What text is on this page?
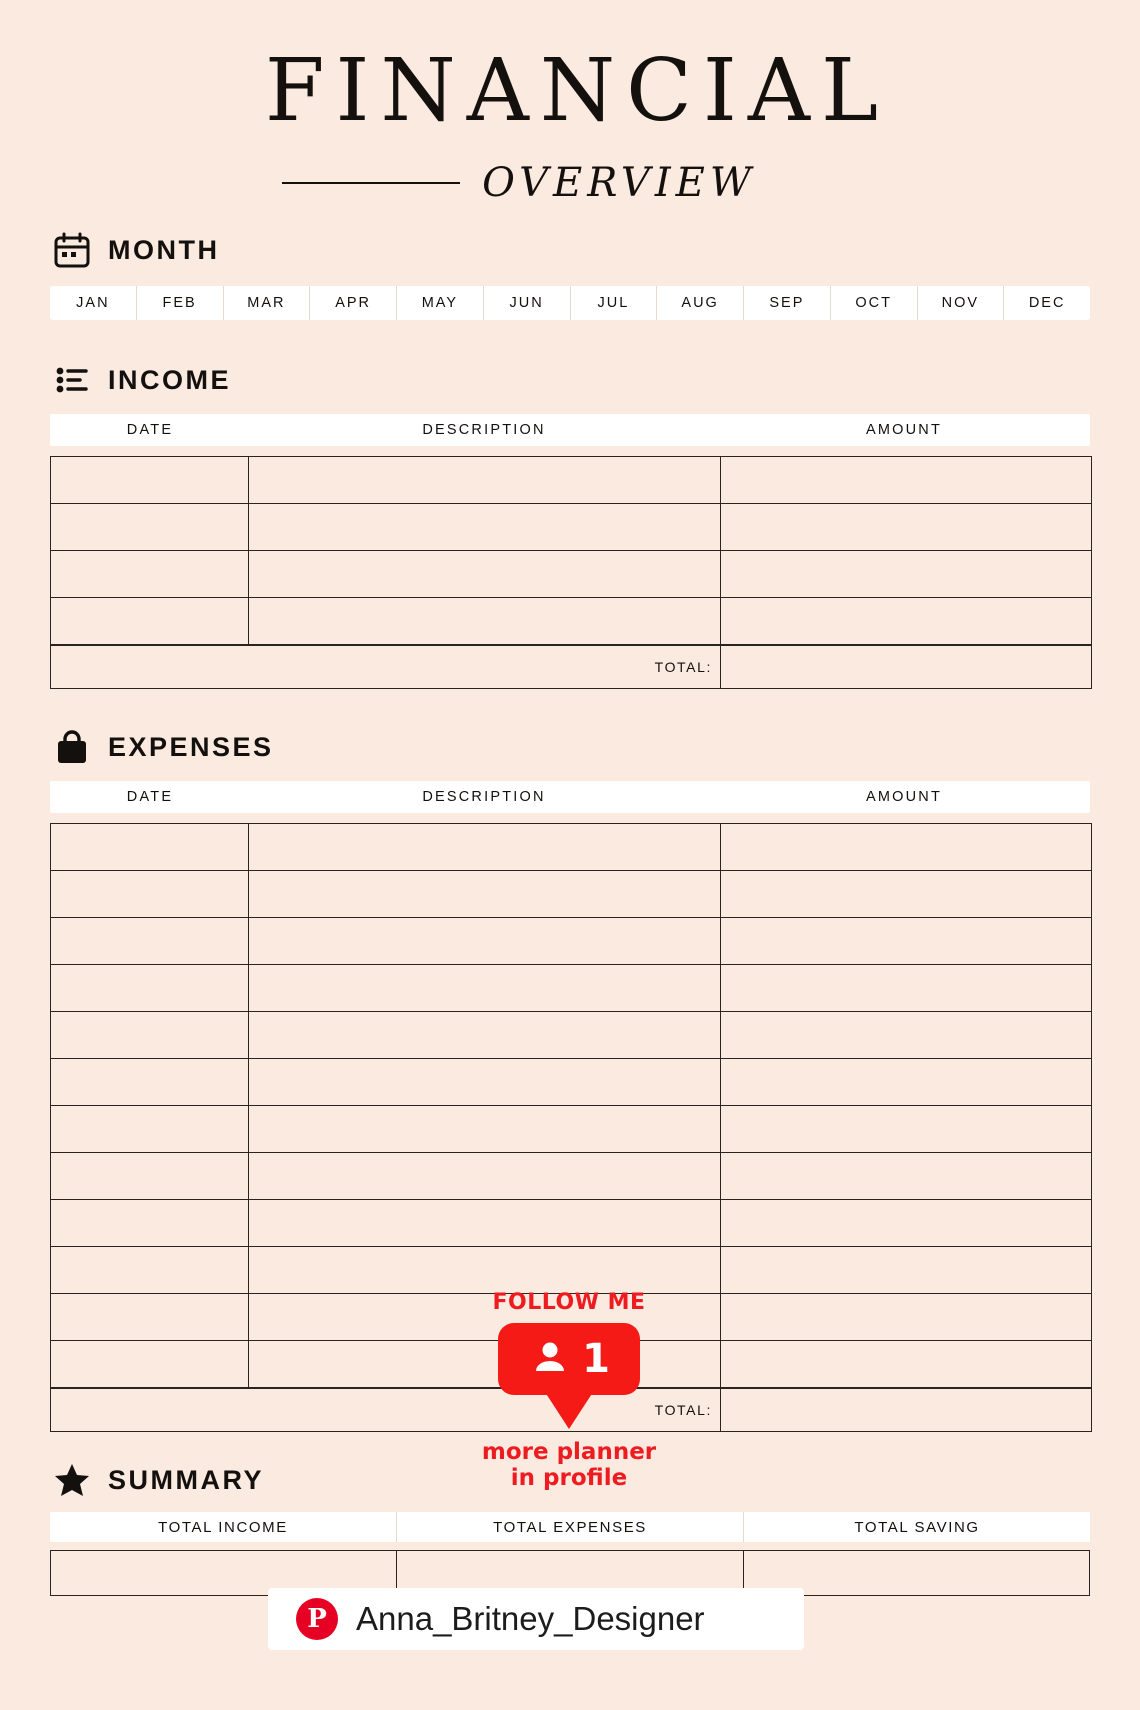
FINANCIAL
OVERVIEW
MONTH
JAN	FEB	MAR	APR	MAY	JUN	JUL	AUG	SEP	OCT	NOV	DEC
INCOME
DATE	DESCRIPTION	AMOUNT
TOTAL:
EXPENSES
DATE	DESCRIPTION	AMOUNT
TOTAL:
SUMMARY
TOTAL INCOME	TOTAL EXPENSES	TOTAL SAVING
FOLLOW ME
1
more planner
in profile
P Anna_Britney_Designer
